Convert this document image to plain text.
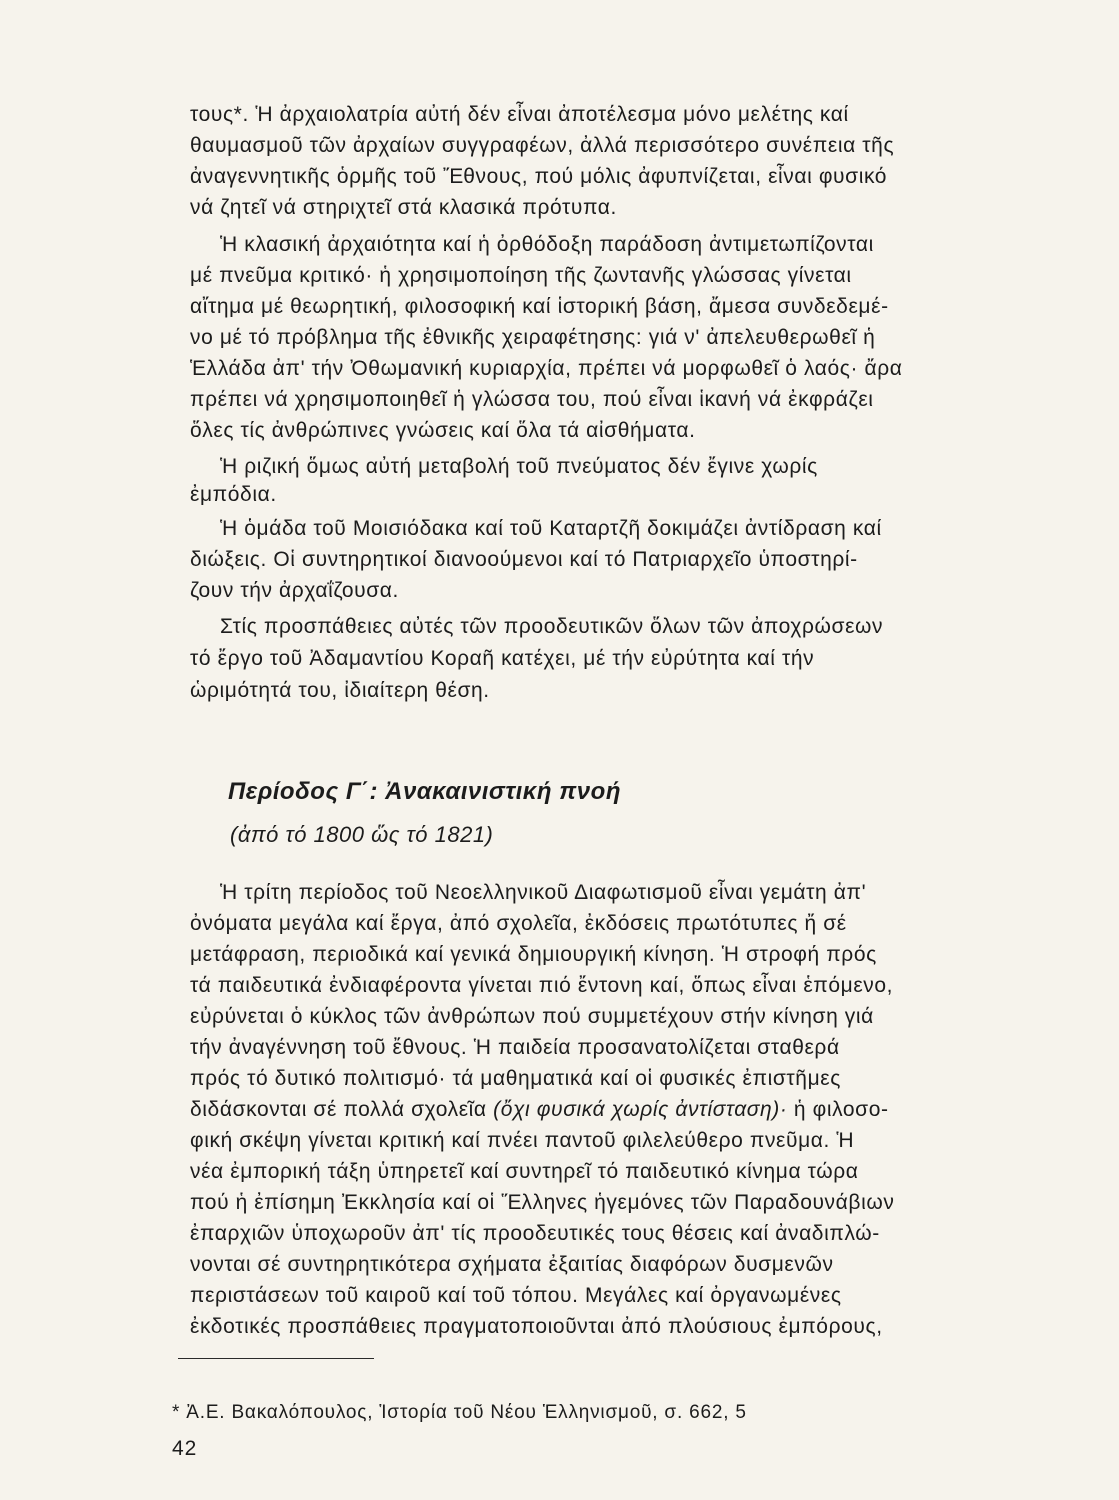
τους*. Ἡ ἀρχαιολατρία αὐτή δέν εἶναι ἀποτέλεσμα μόνο μελέτης καί
θαυμασμοῦ τῶν ἀρχαίων συγγραφέων, ἀλλά περισσότερο συνέπεια τῆς
ἀναγεννητικῆς ὁρμῆς τοῦ Ἔθνους, πού μόλις ἀφυπνίζεται, εἶναι φυσικό
νά ζητεῖ νά στηριχτεῖ στά κλασικά πρότυπα.
Ἡ κλασική ἀρχαιότητα καί ἡ ὀρθόδοξη παράδοση ἀντιμετωπίζονται
μέ πνεῦμα κριτικό· ἡ χρησιμοποίηση τῆς ζωντανῆς γλώσσας γίνεται
αἴτημα μέ θεωρητική, φιλοσοφική καί ἱστορική βάση, ἄμεσα συνδεδεμέ-
νο μέ τό πρόβλημα τῆς ἐθνικῆς χειραφέτησης: γιά ν' ἀπελευθερωθεῖ ἡ
Ἑλλάδα ἀπ' τήν Ὀθωμανική κυριαρχία, πρέπει νά μορφωθεῖ ὁ λαός· ἄρα
πρέπει νά χρησιμοποιηθεῖ ἡ γλώσσα του, πού εἶναι ἱκανή νά ἐκφράζει
ὅλες τίς ἀνθρώπινες γνώσεις καί ὅλα τά αἰσθήματα.
Ἡ ριζική ὅμως αὐτή μεταβολή τοῦ πνεύματος δέν ἔγινε χωρίς
ἐμπόδια.
Ἡ ὁμάδα τοῦ Μοισιόδακα καί τοῦ Καταρτζῆ δοκιμάζει ἀντίδραση καί
διώξεις. Οἱ συντηρητικοί διανοούμενοι καί τό Πατριαρχεῖο ὑποστηρί-
ζουν τήν ἀρχαΐζουσα.
Στίς προσπάθειες αὐτές τῶν προοδευτικῶν ὅλων τῶν ἀποχρώσεων
τό ἔργο τοῦ Ἀδαμαντίου Κοραῆ κατέχει, μέ τήν εὐρύτητα καί τήν
ὡριμότητά του, ἰδιαίτερη θέση.
Περίοδος Γ΄: Ἀνακαινιστική πνοή
(ἀπό τό 1800 ὥς τό 1821)
Ἡ τρίτη περίοδος τοῦ Νεοελληνικοῦ Διαφωτισμοῦ εἶναι γεμάτη ἀπ'
ὀνόματα μεγάλα καί ἔργα, ἀπό σχολεῖα, ἐκδόσεις πρωτότυπες ἤ σέ
μετάφραση, περιοδικά καί γενικά δημιουργική κίνηση. Ἡ στροφή πρός
τά παιδευτικά ἐνδιαφέροντα γίνεται πιό ἔντονη καί, ὅπως εἶναι ἑπόμενο,
εὐρύνεται ὁ κύκλος τῶν ἀνθρώπων πού συμμετέχουν στήν κίνηση γιά
τήν ἀναγέννηση τοῦ ἔθνους. Ἡ παιδεία προσανατολίζεται σταθερά
πρός τό δυτικό πολιτισμό· τά μαθηματικά καί οἱ φυσικές ἐπιστῆμες
διδάσκονται σέ πολλά σχολεῖα (ὄχι φυσικά χωρίς ἀντίσταση)· ἡ φιλοσο-
φική σκέψη γίνεται κριτική καί πνέει παντοῦ φιλελεύθερο πνεῦμα. Ἡ
νέα ἐμπορική τάξη ὑπηρετεῖ καί συντηρεῖ τό παιδευτικό κίνημα τώρα
πού ἡ ἐπίσημη Ἐκκλησία καί οἱ Ἕλληνες ἡγεμόνες τῶν Παραδουνάβιων
ἐπαρχιῶν ὑποχωροῦν ἀπ' τίς προοδευτικές τους θέσεις καί ἀναδιπλώ-
νονται σέ συντηρητικότερα σχήματα ἐξαιτίας διαφόρων δυσμενῶν
περιστάσεων τοῦ καιροῦ καί τοῦ τόπου. Μεγάλες καί ὀργανωμένες
ἐκδοτικές προσπάθειες πραγματοποιοῦνται ἀπό πλούσιους ἐμπόρους,
* Ἀ.Ε. Βακαλόπουλος, Ἱστορία τοῦ Νέου Ἑλληνισμοῦ, σ. 662, 5
42
